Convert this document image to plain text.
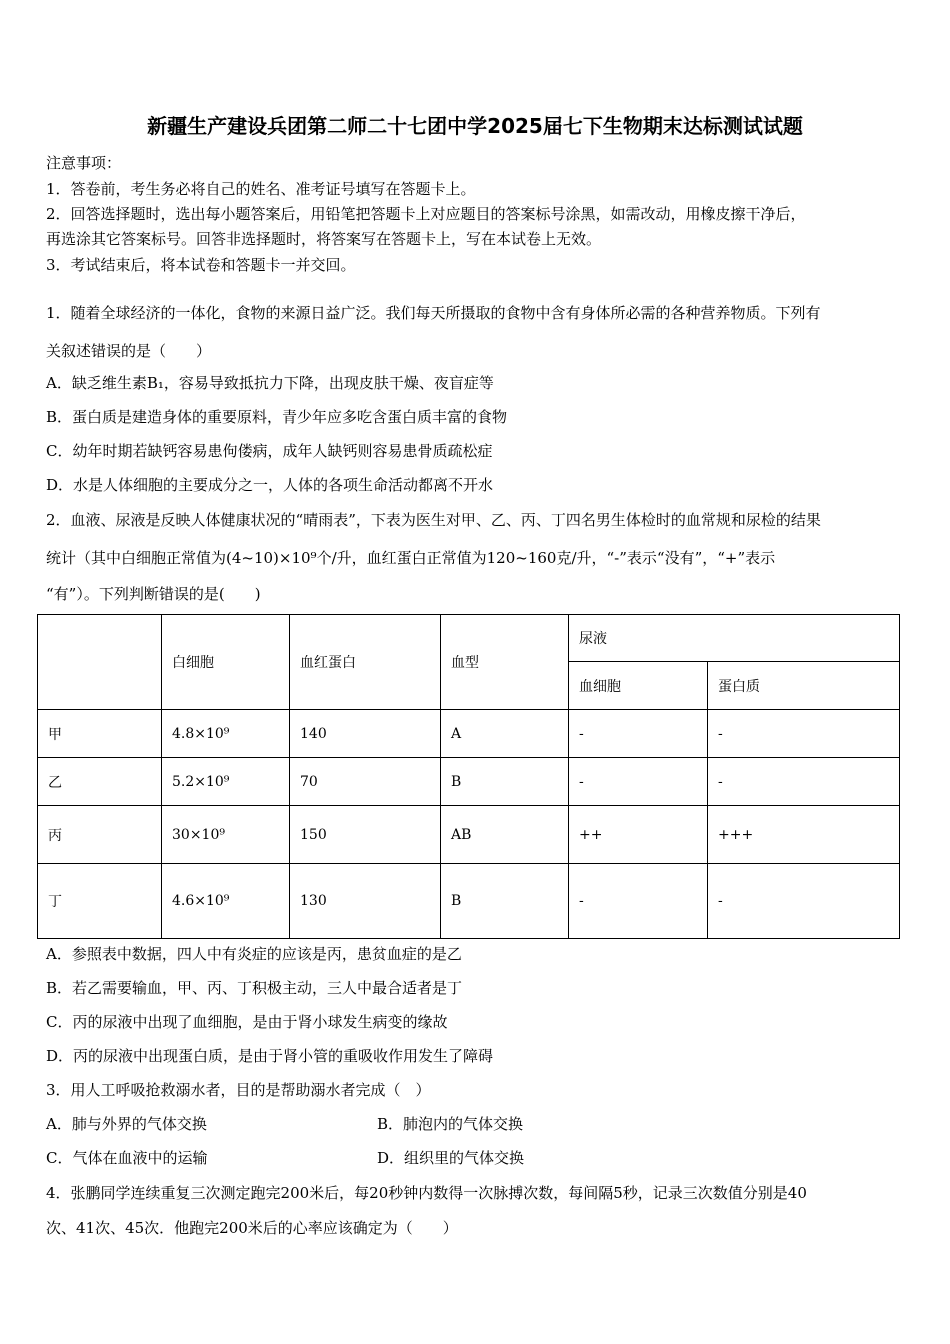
新疆生产建设兵团第二师二十七团中学2025届七下生物期末达标测试试题
注意事项：
1．答卷前，考生务必将自己的姓名、准考证号填写在答题卡上。
2．回答选择题时，选出每小题答案后，用铅笔把答题卡上对应题目的答案标号涂黑，如需改动，用橡皮擦干净后，
再选涂其它答案标号。回答非选择题时，将答案写在答题卡上，写在本试卷上无效。
3．考试结束后，将本试卷和答题卡一并交回。
1．随着全球经济的一体化，食物的来源日益广泛。我们每天所摄取的食物中含有身体所必需的各种营养物质。下列有
关叙述错误的是（　　）
A．缺乏维生素B₁，容易导致抵抗力下降，出现皮肤干燥、夜盲症等
B．蛋白质是建造身体的重要原料，青少年应多吃含蛋白质丰富的食物
C．幼年时期若缺钙容易患佝偻病，成年人缺钙则容易患骨质疏松症
D．水是人体细胞的主要成分之一，人体的各项生命活动都离不开水
2．血液、尿液是反映人体健康状况的“晴雨表”，下表为医生对甲、乙、丙、丁四名男生体检时的血常规和尿检的结果
统计（其中白细胞正常值为(4~10)×10⁹个/升，血红蛋白正常值为120~160克/升，“-”表示“没有”，“+”表示
“有”）。下列判断错误的是(　　)
	白细胞	血红蛋白	血型	尿液
血细胞	蛋白质
甲	4.8×10⁹	140	A	-	-
乙	5.2×10⁹	70	B	-	-
丙	30×10⁹	150	AB	++	+++
丁	4.6×10⁹	130	B	-	-
A．参照表中数据，四人中有炎症的应该是丙，患贫血症的是乙
B．若乙需要输血，甲、丙、丁积极主动，三人中最合适者是丁
C．丙的尿液中出现了血细胞，是由于肾小球发生病变的缘故
D．丙的尿液中出现蛋白质，是由于肾小管的重吸收作用发生了障碍
3．用人工呼吸抢救溺水者，目的是帮助溺水者完成（　）
A．肺与外界的气体交换	B．肺泡内的气体交换
C．气体在血液中的运输	D．组织里的气体交换
4．张鹏同学连续重复三次测定跑完200米后，每20秒钟内数得一次脉搏次数，每间隔5秒，记录三次数值分别是40
次、41次、45次．他跑完200米后的心率应该确定为（　　）
